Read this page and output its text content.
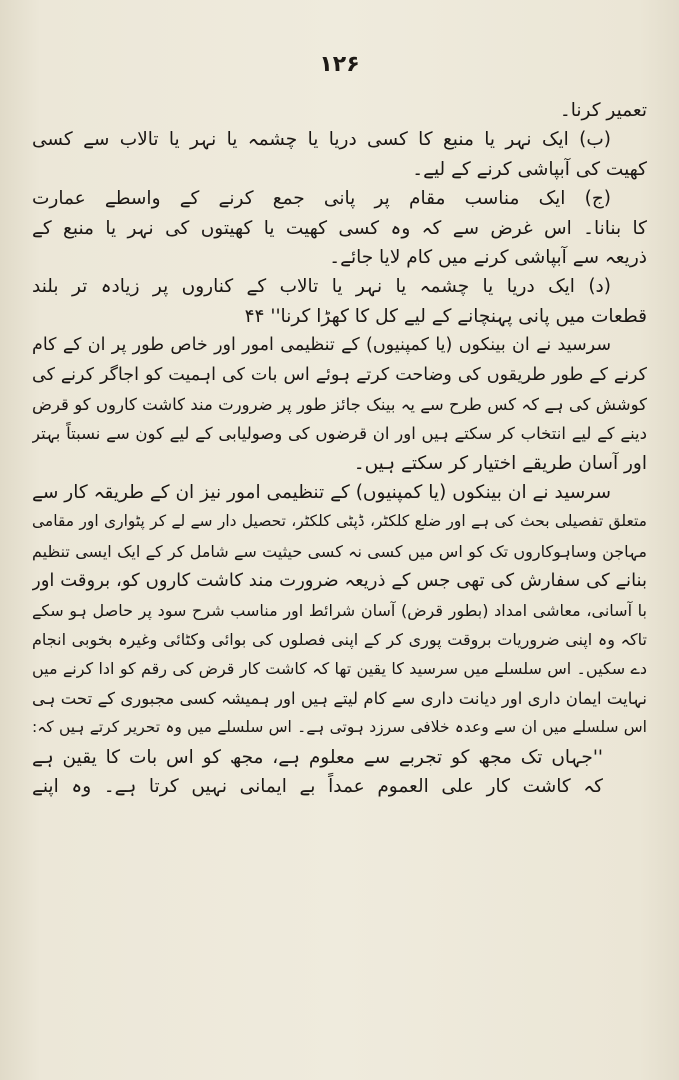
۱۲۶
تعمیر کرنا۔
(ب) ایک نہر یا منبع کا کسی دریا یا چشمہ یا نہر یا تالاب سے کسی
کھیت کی آبپاشی کرنے کے لیے۔
(ج) ایک مناسب مقام پر پانی جمع کرنے کے واسطے عمارت
کا بنانا۔ اس غرض سے کہ وہ کسی کھیت یا کھیتوں کی نہر یا منبع کے
ذریعہ سے آبپاشی کرنے میں کام لایا جائے۔
(د) ایک دریا یا چشمہ یا نہر یا تالاب کے کناروں پر زیادہ تر بلند
قطعات میں پانی پہنچانے کے لیے کل کا کھڑا کرنا'' ۴۴
سرسید نے ان بینکوں (یا کمپنیوں) کے تنظیمی امور اور خاص طور پر ان کے کام
کرنے کے طور طریقوں کی وضاحت کرتے ہوئے اس بات کی اہمیت کو اجاگر کرنے کی
کوشش کی ہے کہ کس طرح سے یہ بینک جائز طور پر ضرورت مند کاشت کاروں کو قرض
دینے کے لیے انتخاب کر سکتے ہیں اور ان قرضوں کی وصولیابی کے لیے کون سے نسبتاً بہتر
اور آسان طریقے اختیار کر سکتے ہیں۔
سرسید نے ان بینکوں (یا کمپنیوں) کے تنظیمی امور نیز ان کے طریقہ کار سے
متعلق تفصیلی بحث کی ہے اور ضلع کلکٹر، ڈپٹی کلکٹر، تحصیل دار سے لے کر پٹواری اور مقامی
مہاجن وساہوکاروں تک کو اس میں کسی نہ کسی حیثیت سے شامل کر کے ایک ایسی تنظیم
بنانے کی سفارش کی تھی جس کے ذریعہ ضرورت مند کاشت کاروں کو، بروقت اور
با آسانی، معاشی امداد (بطور قرض) آسان شرائط اور مناسب شرح سود پر حاصل ہو سکے
تاکہ وہ اپنی ضروریات بروقت پوری کر کے اپنی فصلوں کی بوائی وکٹائی وغیرہ بخوبی انجام
دے سکیں۔ اس سلسلے میں سرسید کا یقین تھا کہ کاشت کار قرض کی رقم کو ادا کرنے میں
نہایت ایمان داری اور دیانت داری سے کام لیتے ہیں اور ہمیشہ کسی مجبوری کے تحت ہی
اس سلسلے میں ان سے وعدہ خلافی سرزد ہوتی ہے۔ اس سلسلے میں وہ تحریر کرتے ہیں کہ:
''جہاں تک مجھ کو تجربے سے معلوم ہے، مجھ کو اس بات کا یقین ہے
کہ کاشت کار علی العموم عمداً بے ایمانی نہیں کرتا ہے۔ وہ اپنے
